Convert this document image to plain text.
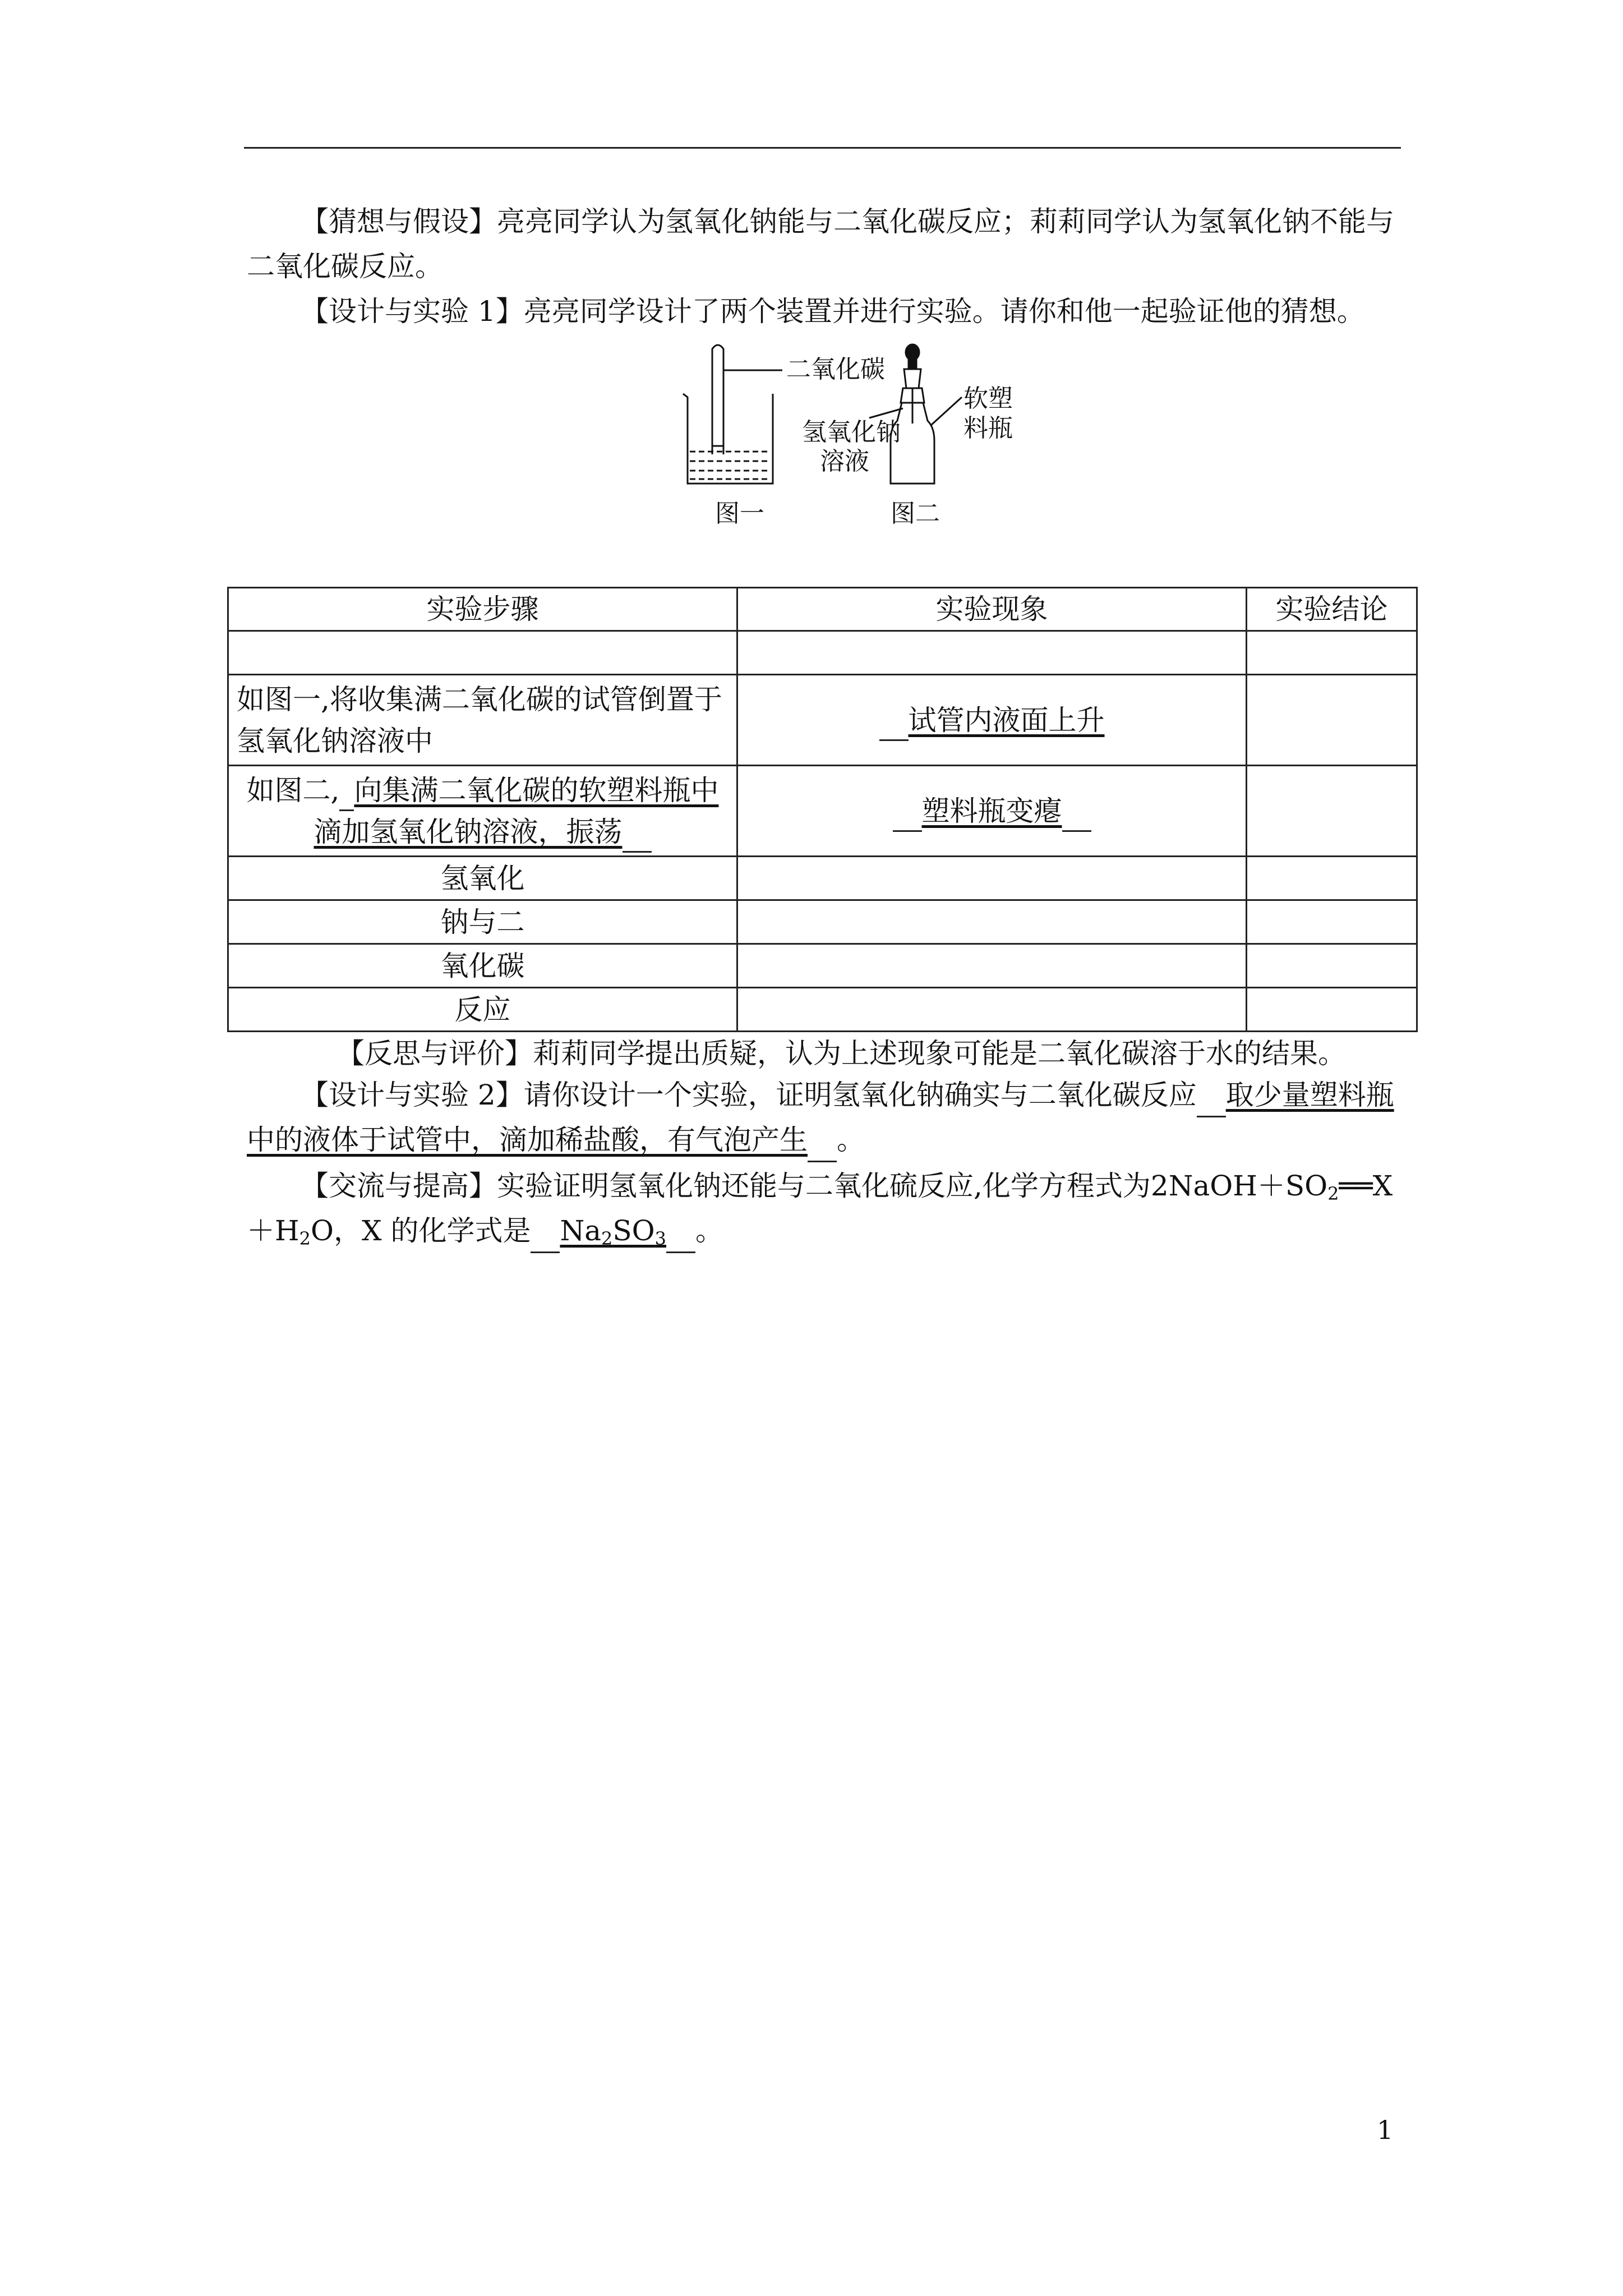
【猜想与假设】亮亮同学认为氢氧化钠能与二氧化碳反应；莉莉同学认为氢氧化钠不能与二氧化碳反应。
【设计与实验 1】亮亮同学设计了两个装置并进行实验。请你和他一起验证他的猜想。
二氧化碳
氢氧化钠
溶液
软塑
料瓶
图一	图二
实验步骤	实验现象	实验结论

如图一,将收集满二氧化碳的试管倒置于氢氧化钠溶液中	试管内液面上升	
如图二, 向集满二氧化碳的软塑料瓶中滴加氢氧化钠溶液，振荡	塑料瓶变瘪	
氢氧化		
钠与二		
氧化碳		
反应		
【反思与评价】莉莉同学提出质疑，认为上述现象可能是二氧化碳溶于水的结果。
【设计与实验 2】请你设计一个实验，证明氢氧化钠确实与二氧化碳反应 取少量塑料瓶中的液体于试管中，滴加稀盐酸，有气泡产生 。
【交流与提高】实验证明氢氧化钠还能与二氧化硫反应,化学方程式为$2NaOH+SO_2══X+H_2O$，X 的化学式是 $Na_2SO_3$ 。
1
